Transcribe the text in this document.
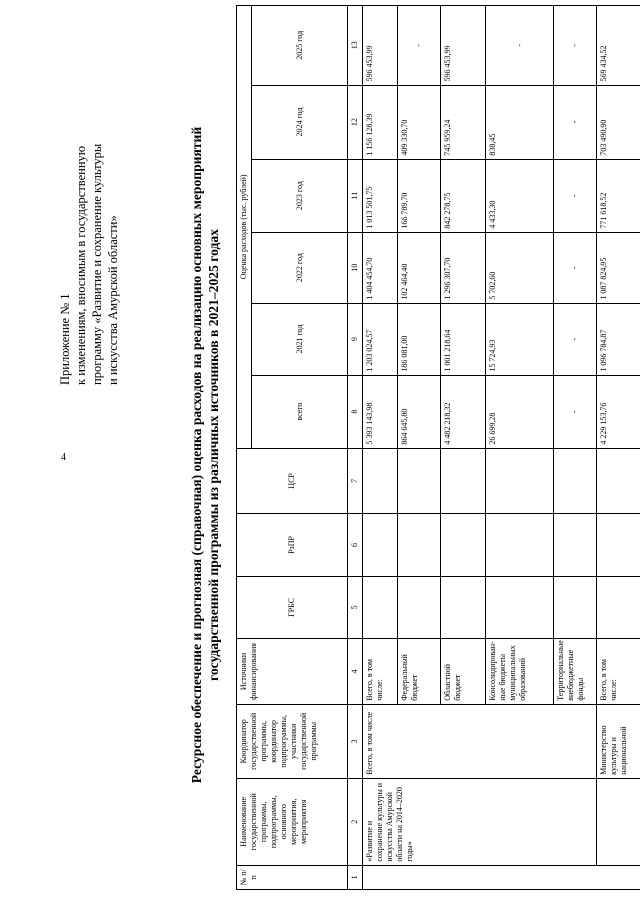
4
Приложение № 1 к изменениям, вносимым в государственную программу «Развитие и сохранение культуры и искусства Амурской области»	Ресурсное обеспечение и прогнозная (справочная) оценка расходов на реализацию основных мероприятий государственной программы из различных источников в 2021–2025 годах
№ п/п	Наименование государственной программы, подпрограммы, основного мероприятия, мероприятия	Координатор государственной программы, координатор подпрограммы, участники государственной программы	Источники финансирования	ГРБС	РзПР	ЦСР	Оценка расходов (тыс. рублей)					
							всего	2021 год	2022 год	2023 год	2024 год	2025 год
1	2	3	4	5	6	7	8	9	10	11	12	13
	«Развитие и сохранение культуры и искусства Амурской области на 2014–2020 годы»	Всего, в том числе	Всего, в том числе:				5 393 143,98	1 203 024,57	1 404 454,70	1 013 501,75	1 156 128,39	596 453,99
			Федеральный бюджет				864 645,80	186 081,00	102 464,40	166 789,70	409 330,70	-
			Областной бюджет				4 482 218,32	1 001 218,64	1 296 307,70	842 278,75	745 959,24	596 453,99
			Консолидирован-ные бюджеты муниципальных образований				26 699,28	15 724,93	5 702,60	4 433,30	838,45	-
			Территориальные внебюджетные фонды				-	-	-	-	-	-
		Министерство культуры и национальной	Всего, в том числе:				4 229 153,76	1 096 784,87	1 087 824,95	771 618,52	703 490,90	569 434,52
